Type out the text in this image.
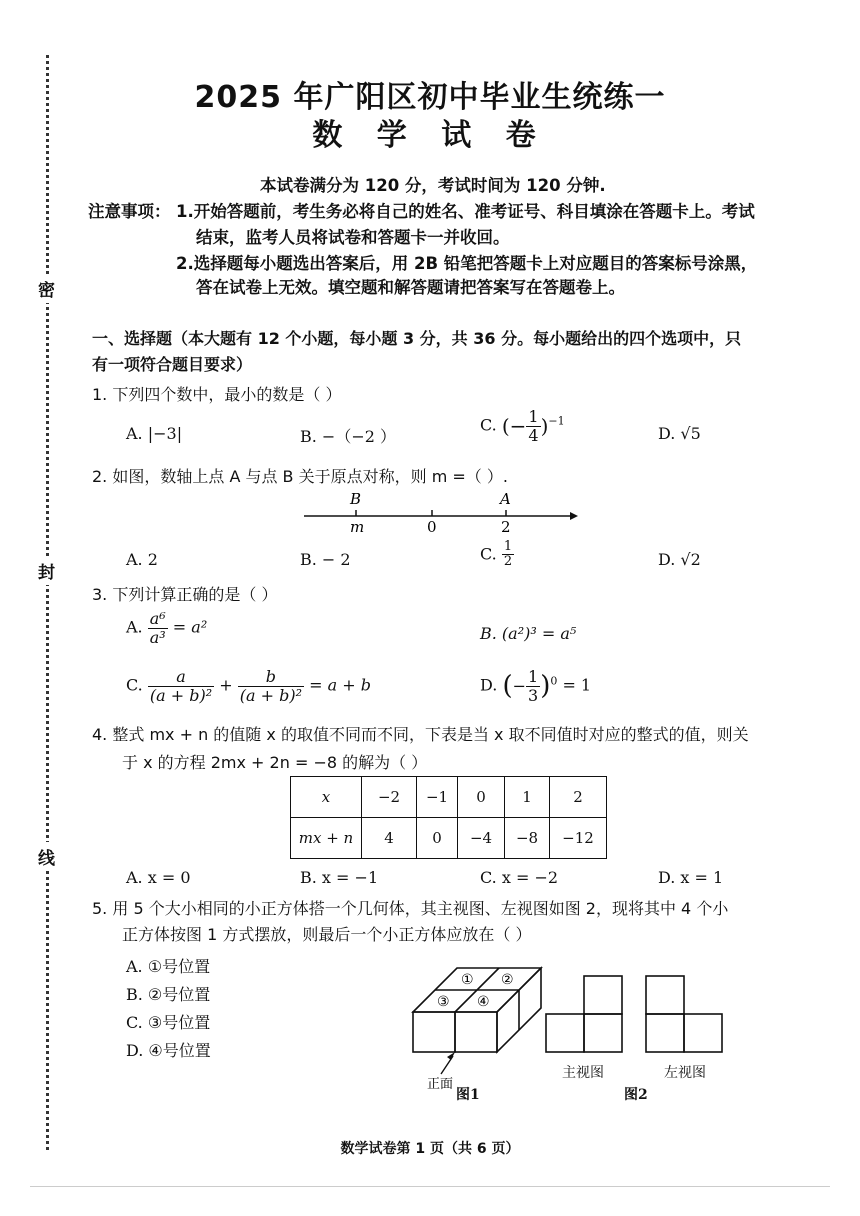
密
封
线
2025 年广阳区初中毕业生统练一
数 学 试 卷
本试卷满分为 120 分，考试时间为 120 分钟.
注意事项： 1.开始答题前，考生务必将自己的姓名、准考证号、科目填涂在答题卡上。考试
结束，监考人员将试卷和答题卡一并收回。
2.选择题每小题选出答案后，用 2B 铅笔把答题卡上对应题目的答案标号涂黑，
答在试卷上无效。填空题和解答题请把答案写在答题卷上。
一、选择题（本大题有 12 个小题，每小题 3 分，共 36 分。每小题给出的四个选项中，只
有一项符合题目要求）
1. 下列四个数中，最小的数是（ ）
A. |−3|	B. −（−2 ）
C. (− $\frac{1}{4} )^{-1}$
D. √5
2. 如图，数轴上点 A 与点 B 关于原点对称，则 m =（ ）.
B
m	0
A
2
A. 2	B. − 2	C. $\frac{1}{2}$	D. √2
3. 下列计算正确的是（ ）
A. $\frac{\text{a⁶}}{\text{a³}} = a^2$	B. (a²)³ = a⁵
C. $\frac{a}{\text{(a + b)²}} + \frac{b}{\text{(a + b)²}} = a + b$	D. (− $\frac{1}{3} )^0 = 1$
4. 整式 mx + n 的值随 x 的取值不同而不同，下表是当 x 取不同值时对应的整式的值，则关
于 x 的方程 2mx + 2n = −8 的解为（ ）
x	−2	−1	0	1	2
mx + n	4	0	−4	−8	−12
A. x = 0	B. x = −1	C. x = −2	D. x = 1
5. 用 5 个大小相同的小正方体搭一个几何体，其主视图、左视图如图 2，现将其中 4 个小
正方体按图 1 方式摆放，则最后一个小正方体应放在（ ）
A. ①号位置
B. ②号位置
C. ③号位置
D. ④号位置
① ②
③ ④
正面
图1
主视图	左视图
图2
数学试卷第 1 页（共 6 页）
